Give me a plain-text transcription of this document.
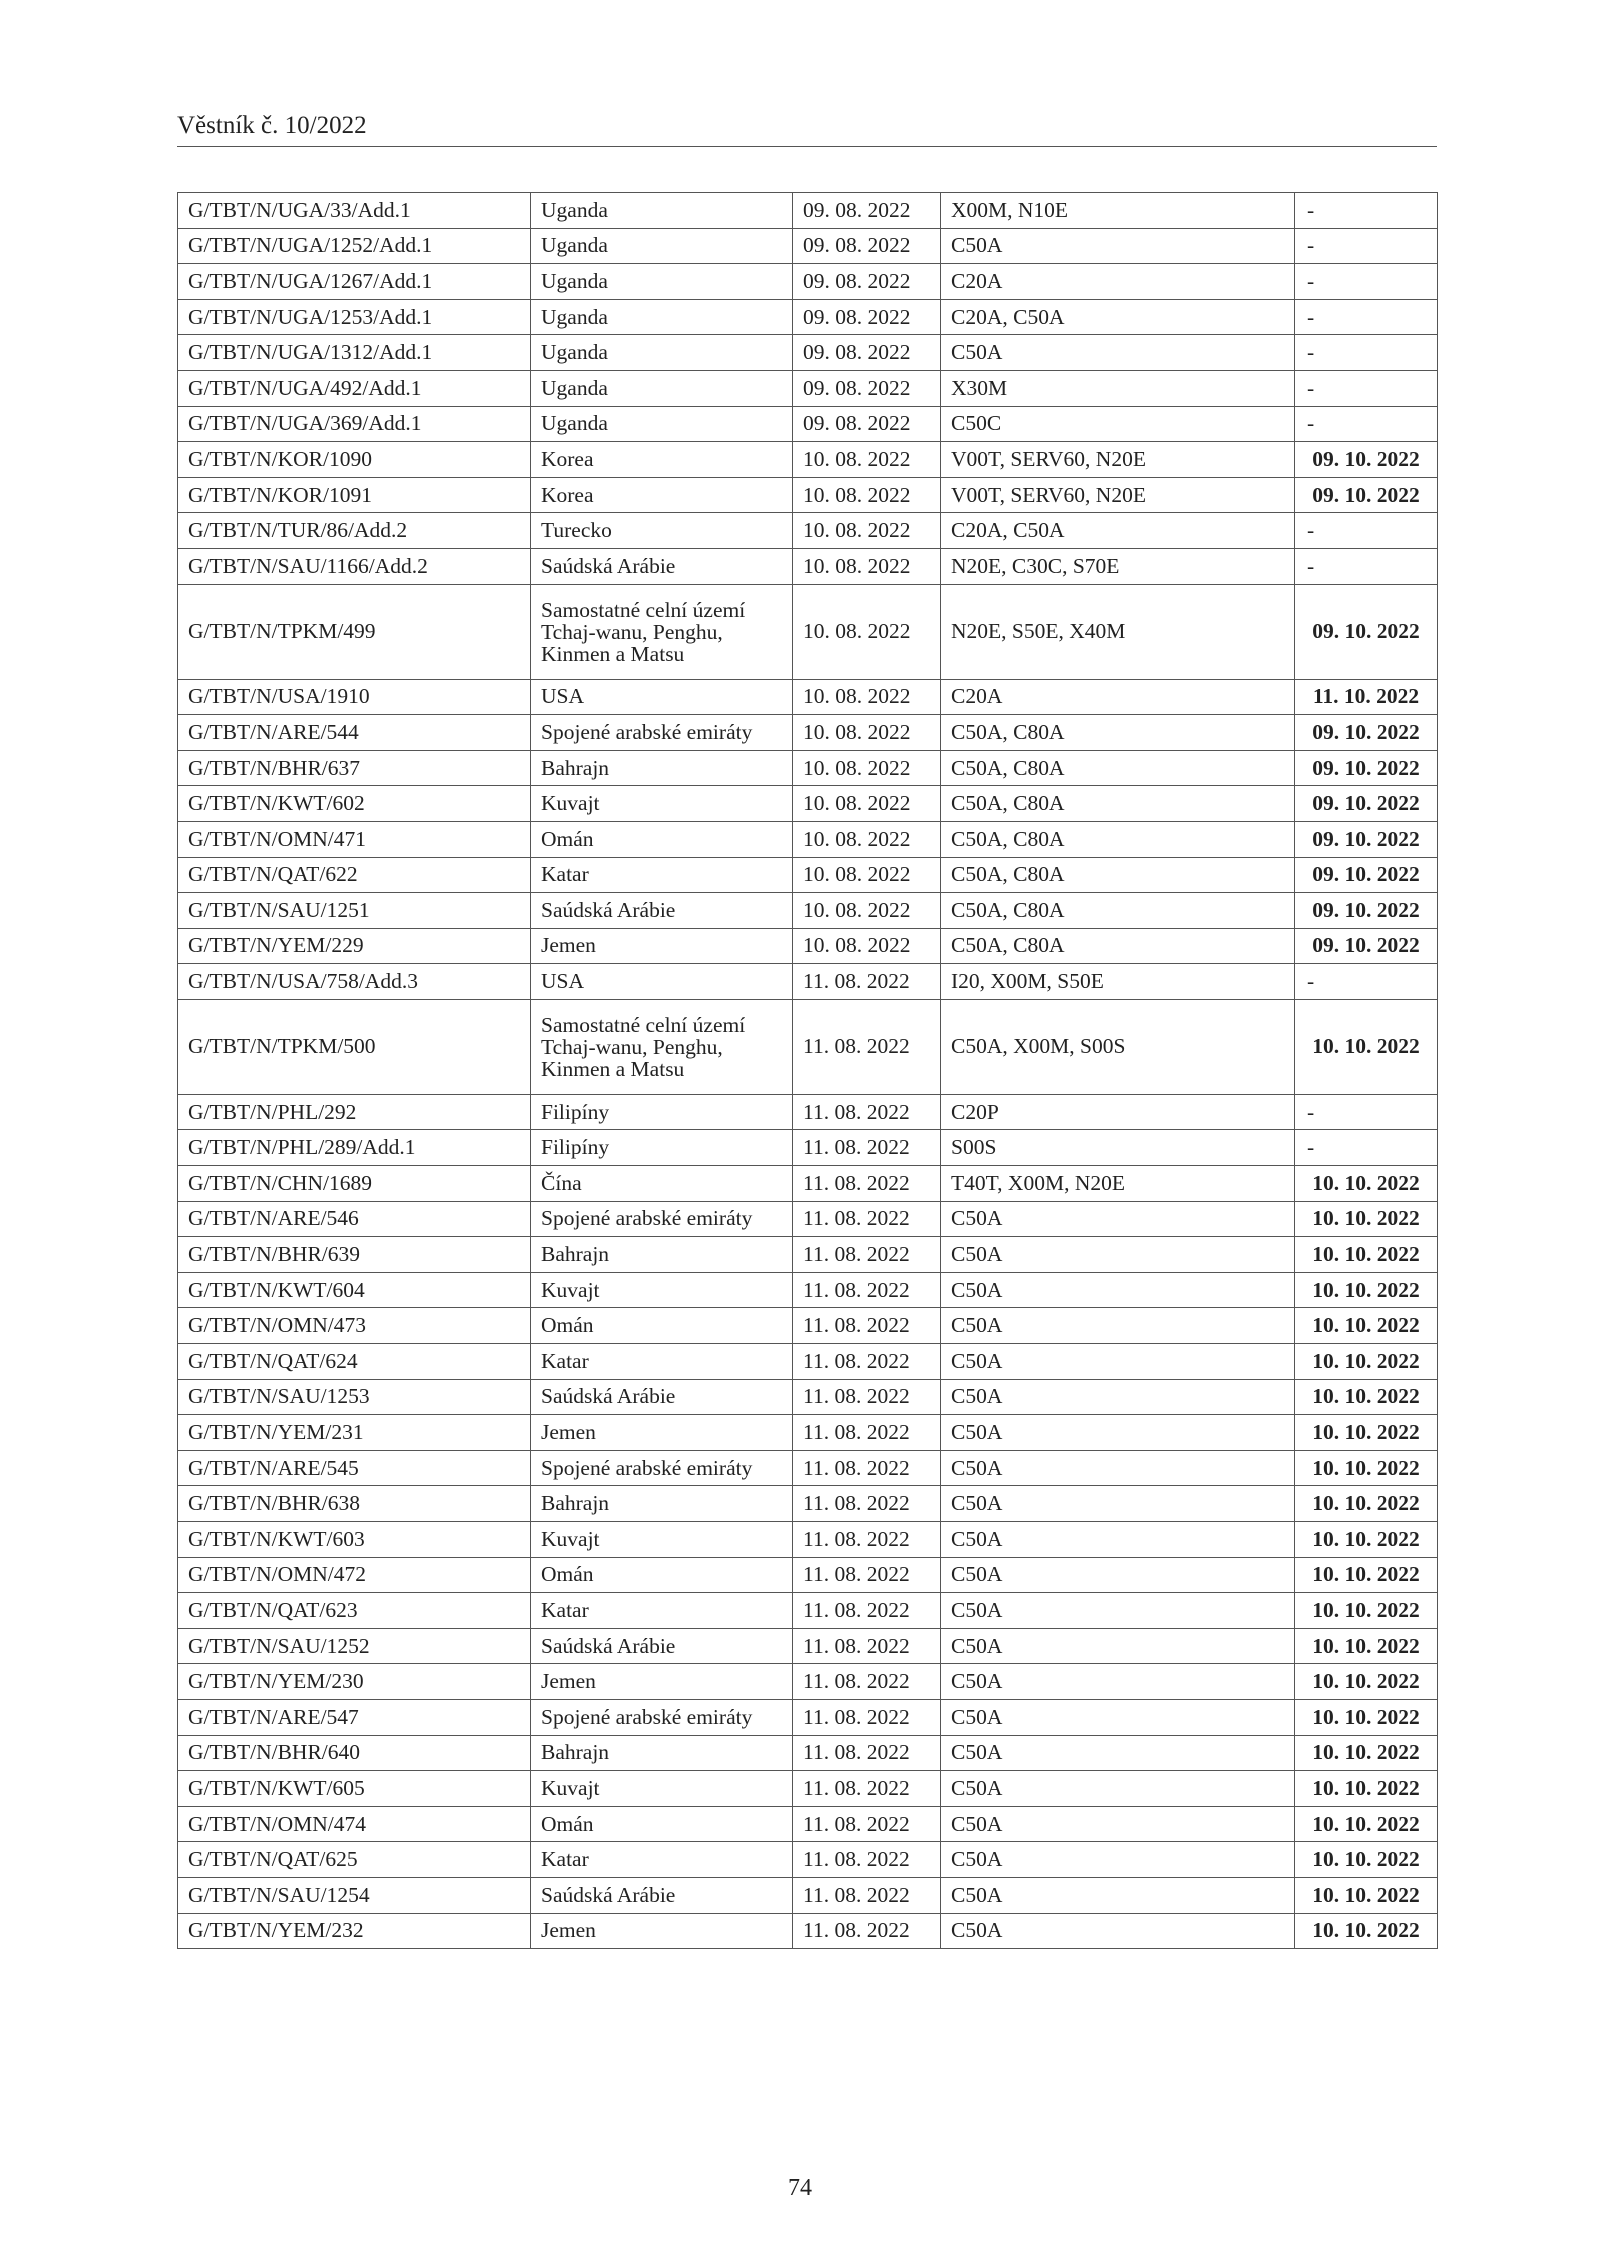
Věstník č. 10/2022
G/TBT/N/UGA/33/Add.1	Uganda	09. 08. 2022	X00M, N10E	-
G/TBT/N/UGA/1252/Add.1	Uganda	09. 08. 2022	C50A	-
G/TBT/N/UGA/1267/Add.1	Uganda	09. 08. 2022	C20A	-
G/TBT/N/UGA/1253/Add.1	Uganda	09. 08. 2022	C20A, C50A	-
G/TBT/N/UGA/1312/Add.1	Uganda	09. 08. 2022	C50A	-
G/TBT/N/UGA/492/Add.1	Uganda	09. 08. 2022	X30M	-
G/TBT/N/UGA/369/Add.1	Uganda	09. 08. 2022	C50C	-
G/TBT/N/KOR/1090	Korea	10. 08. 2022	V00T, SERV60, N20E	09. 10. 2022
G/TBT/N/KOR/1091	Korea	10. 08. 2022	V00T, SERV60, N20E	09. 10. 2022
G/TBT/N/TUR/86/Add.2	Turecko	10. 08. 2022	C20A, C50A	-
G/TBT/N/SAU/1166/Add.2	Saúdská Arábie	10. 08. 2022	N20E, C30C, S70E	-
G/TBT/N/TPKM/499	Samostatné celní území Tchaj-wanu, Penghu, Kinmen a Matsu	10. 08. 2022	N20E, S50E, X40M	09. 10. 2022
G/TBT/N/USA/1910	USA	10. 08. 2022	C20A	11. 10. 2022
G/TBT/N/ARE/544	Spojené arabské emiráty	10. 08. 2022	C50A, C80A	09. 10. 2022
G/TBT/N/BHR/637	Bahrajn	10. 08. 2022	C50A, C80A	09. 10. 2022
G/TBT/N/KWT/602	Kuvajt	10. 08. 2022	C50A, C80A	09. 10. 2022
G/TBT/N/OMN/471	Omán	10. 08. 2022	C50A, C80A	09. 10. 2022
G/TBT/N/QAT/622	Katar	10. 08. 2022	C50A, C80A	09. 10. 2022
G/TBT/N/SAU/1251	Saúdská Arábie	10. 08. 2022	C50A, C80A	09. 10. 2022
G/TBT/N/YEM/229	Jemen	10. 08. 2022	C50A, C80A	09. 10. 2022
G/TBT/N/USA/758/Add.3	USA	11. 08. 2022	I20, X00M, S50E	-
G/TBT/N/TPKM/500	Samostatné celní území Tchaj-wanu, Penghu, Kinmen a Matsu	11. 08. 2022	C50A, X00M, S00S	10. 10. 2022
G/TBT/N/PHL/292	Filipíny	11. 08. 2022	C20P	-
G/TBT/N/PHL/289/Add.1	Filipíny	11. 08. 2022	S00S	-
G/TBT/N/CHN/1689	Čína	11. 08. 2022	T40T, X00M, N20E	10. 10. 2022
G/TBT/N/ARE/546	Spojené arabské emiráty	11. 08. 2022	C50A	10. 10. 2022
G/TBT/N/BHR/639	Bahrajn	11. 08. 2022	C50A	10. 10. 2022
G/TBT/N/KWT/604	Kuvajt	11. 08. 2022	C50A	10. 10. 2022
G/TBT/N/OMN/473	Omán	11. 08. 2022	C50A	10. 10. 2022
G/TBT/N/QAT/624	Katar	11. 08. 2022	C50A	10. 10. 2022
G/TBT/N/SAU/1253	Saúdská Arábie	11. 08. 2022	C50A	10. 10. 2022
G/TBT/N/YEM/231	Jemen	11. 08. 2022	C50A	10. 10. 2022
G/TBT/N/ARE/545	Spojené arabské emiráty	11. 08. 2022	C50A	10. 10. 2022
G/TBT/N/BHR/638	Bahrajn	11. 08. 2022	C50A	10. 10. 2022
G/TBT/N/KWT/603	Kuvajt	11. 08. 2022	C50A	10. 10. 2022
G/TBT/N/OMN/472	Omán	11. 08. 2022	C50A	10. 10. 2022
G/TBT/N/QAT/623	Katar	11. 08. 2022	C50A	10. 10. 2022
G/TBT/N/SAU/1252	Saúdská Arábie	11. 08. 2022	C50A	10. 10. 2022
G/TBT/N/YEM/230	Jemen	11. 08. 2022	C50A	10. 10. 2022
G/TBT/N/ARE/547	Spojené arabské emiráty	11. 08. 2022	C50A	10. 10. 2022
G/TBT/N/BHR/640	Bahrajn	11. 08. 2022	C50A	10. 10. 2022
G/TBT/N/KWT/605	Kuvajt	11. 08. 2022	C50A	10. 10. 2022
G/TBT/N/OMN/474	Omán	11. 08. 2022	C50A	10. 10. 2022
G/TBT/N/QAT/625	Katar	11. 08. 2022	C50A	10. 10. 2022
G/TBT/N/SAU/1254	Saúdská Arábie	11. 08. 2022	C50A	10. 10. 2022
G/TBT/N/YEM/232	Jemen	11. 08. 2022	C50A	10. 10. 2022
74
